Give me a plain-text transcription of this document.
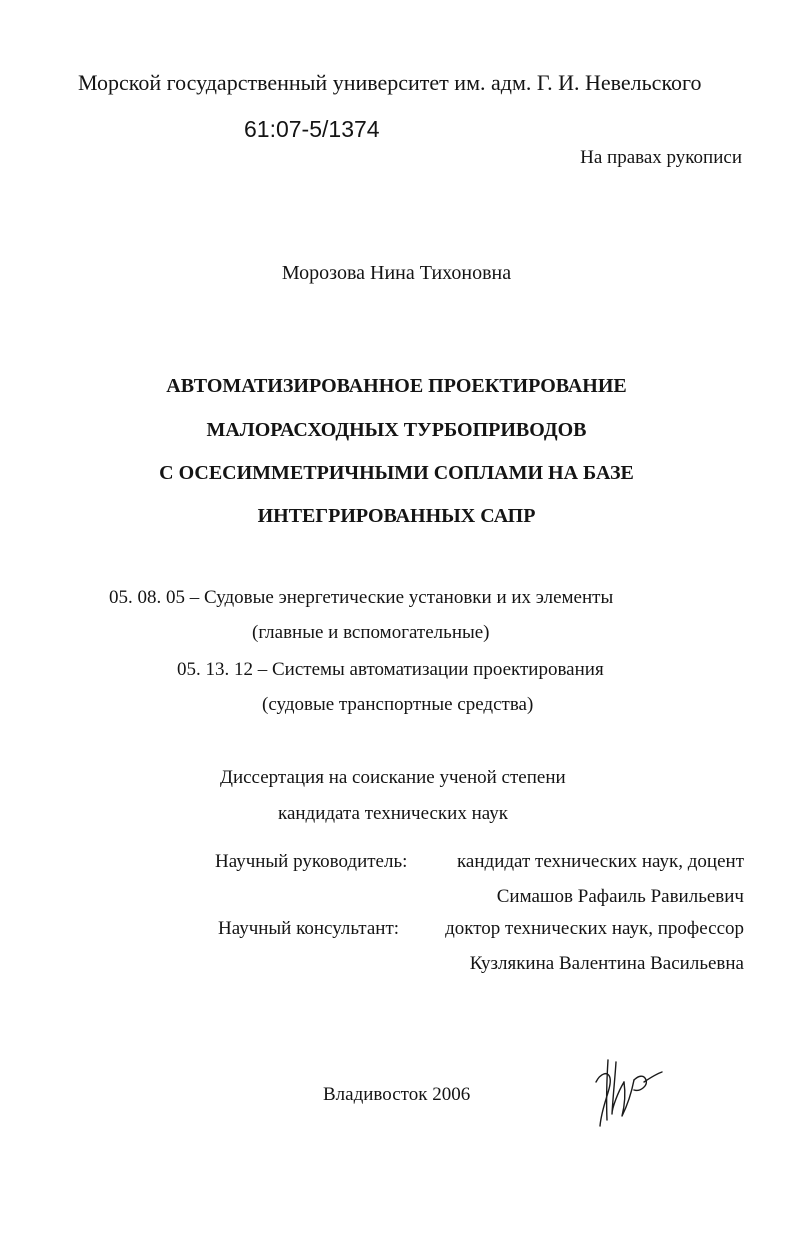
Морской государственный университет им. адм. Г. И. Невельского
61:07-5/1374
На правах рукописи
Морозова Нина Тихоновна
АВТОМАТИЗИРОВАННОЕ ПРОЕКТИРОВАНИЕ
МАЛОРАСХОДНЫХ ТУРБОПРИВОДОВ
С ОСЕСИММЕТРИЧНЫМИ СОПЛАМИ НА БАЗЕ
ИНТЕГРИРОВАННЫХ САПР
05. 08. 05 – Судовые энергетические установки и их элементы
(главные и вспомогательные)
05. 13. 12 – Системы автоматизации проектирования
(судовые транспортные средства)
Диссертация на соискание ученой степени
кандидата технических наук
Научный руководитель:	кандидат технических наук, доцент
Симашов Рафаиль Равильевич
Научный консультант: доктор технических наук, профессор
Кузлякина Валентина Васильевна
Владивосток 2006
